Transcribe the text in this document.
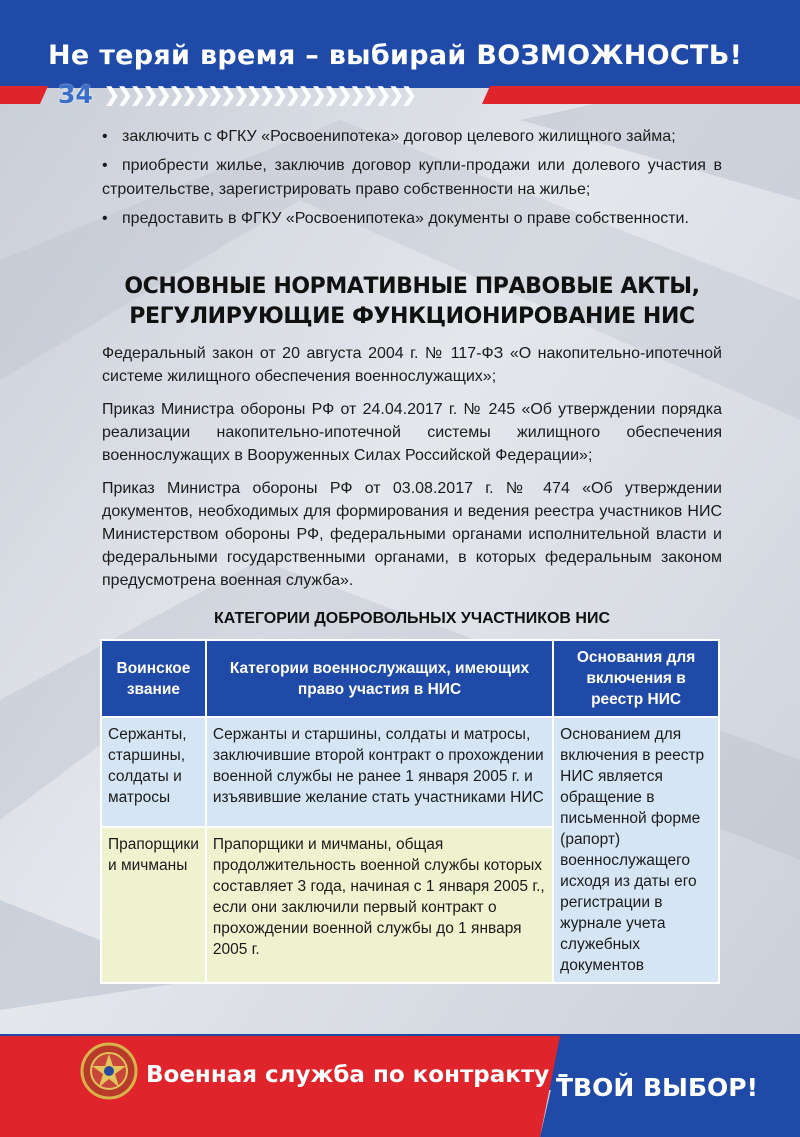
Не теряй время – выбирай ВОЗМОЖНОСТЬ!
34 ❯❯❯❯❯❯❯❯❯❯❯❯❯❯❯❯❯❯❯❯❯❯❯❯

• заключить с ФГКУ «Росвоенипотека» договор целевого жилищного займа;

• приобрести жилье, заключив договор купли-продажи или долевого участия в строительстве, зарегистрировать право собственности на жилье;

• предоставить в ФГКУ «Росвоенипотека» документы о праве собственности.

ОСНОВНЫЕ НОРМАТИВНЫЕ ПРАВОВЫЕ АКТЫ,
РЕГУЛИРУЮЩИЕ ФУНКЦИОНИРОВАНИЕ НИС

Федеральный закон от 20 августа 2004 г. № 117-ФЗ «О накопительно-ипотечной системе жилищного обеспечения военнослужащих»;

Приказ Министра обороны РФ от 24.04.2017 г. № 245 «Об утверждении порядка реализации накопительно-ипотечной системы жилищного обеспечения военнослужащих в Вооруженных Силах Российской Федерации»;

Приказ Министра обороны РФ от 03.08.2017 г. № 474 «Об утверждении документов, необходимых для формирования и ведения реестра участников НИС Министерством обороны РФ, федеральными органами исполнительной власти и федеральными государственными органами, в которых федеральным законом предусмотрена военная служба».

КАТЕГОРИИ ДОБРОВОЛЬНЫХ УЧАСТНИКОВ НИС
Воинское звание	Категории военнослужащих, имеющих право участия в НИС	Основания для включения в реестр НИС
Сержанты, старшины, солдаты и матросы	Сержанты и старшины, солдаты и матросы, заключившие второй контракт о прохождении военной службы не ранее 1 января 2005 г. и изъявившие желание стать участниками НИС	Основанием для включения в реестр НИС является обращение в письменной форме (рапорт) военнослужащего исходя из даты его регистрации в журнале учета служебных документов
Прапорщики и мичманы	Прапорщики и мичманы, общая продолжительность военной службы которых составляет 3 года, начиная с 1 января 2005 г., если они заключили первый контракт о прохождении военной службы до 1 января 2005 г.	
Военная служба по контракту –
ТВОЙ ВЫБОР!
